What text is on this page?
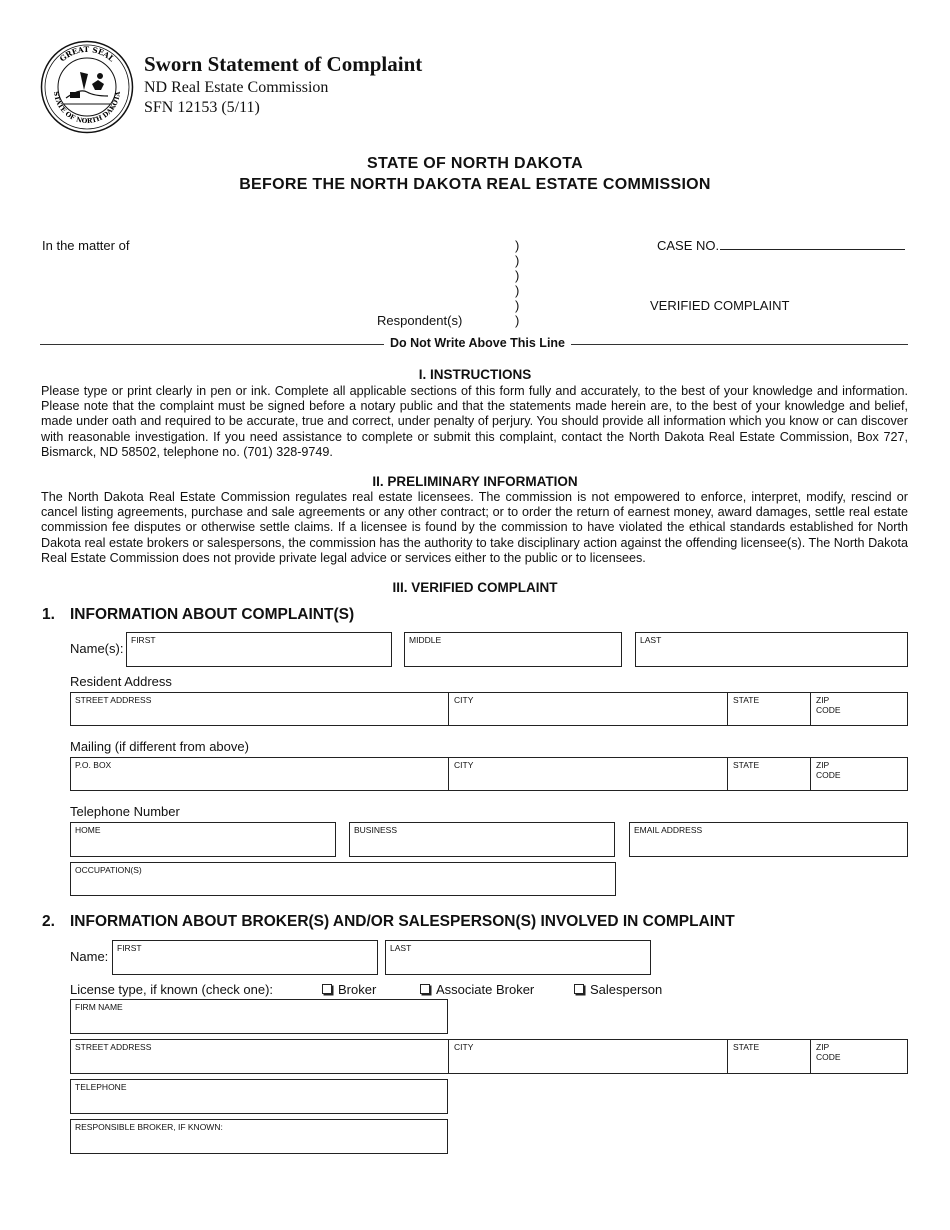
GREAT SEAL
STATE OF NORTH DAKOTA
Sworn Statement of Complaint
ND Real Estate Commission
SFN 12153 (5/11)
STATE OF NORTH DAKOTA
BEFORE THE NORTH DAKOTA REAL ESTATE COMMISSION
In the matter of	)
)
)
)
)
)
Respondent(s)
CASE NO.
VERIFIED COMPLAINT
Do Not Write Above This Line
I. INSTRUCTIONS
Please type or print clearly in pen or ink. Complete all applicable sections of this form fully and accurately, to the best of your knowledge and information. Please note that the complaint must be signed before a notary public and that the statements made herein are, to the best of your knowledge and belief, made under oath and required to be accurate, true and correct, under penalty of perjury. You should provide all information which you know or can discover with reasonable investigation. If you need assistance to complete or submit this complaint, contact the North Dakota Real Estate Commission, Box 727, Bismarck, ND 58502, telephone no. (701) 328-9749.
II. PRELIMINARY INFORMATION
The North Dakota Real Estate Commission regulates real estate licensees. The commission is not empowered to enforce, interpret, modify, rescind or cancel listing agreements, purchase and sale agreements or any other contract; or to order the return of earnest money, award damages, settle real estate commission fee disputes or otherwise settle claims. If a licensee is found by the commission to have violated the ethical standards established for North Dakota real estate brokers or salespersons, the commission has the authority to take disciplinary action against the offending licensee(s). The North Dakota Real Estate Commission does not provide private legal advice or services either to the public or to licensees.
III. VERIFIED COMPLAINT
1. INFORMATION ABOUT COMPLAINT(S)
Name(s):
FIRST	MIDDLE	LAST
Resident Address
STREET ADDRESS	CITY	STATE	ZIP CODE
Mailing (if different from above)
P.O. BOX	CITY	STATE	ZIP CODE
Telephone Number
HOME	BUSINESS	EMAIL ADDRESS
OCCUPATION(S)
2. INFORMATION ABOUT BROKER(S) AND/OR SALESPERSON(S) INVOLVED IN COMPLAINT
Name:
FIRST	LAST
License type, if known (check one):	Broker	Associate Broker	Salesperson
FIRM NAME
STREET ADDRESS	CITY	STATE	ZIP CODE
TELEPHONE
RESPONSIBLE BROKER, IF KNOWN:
